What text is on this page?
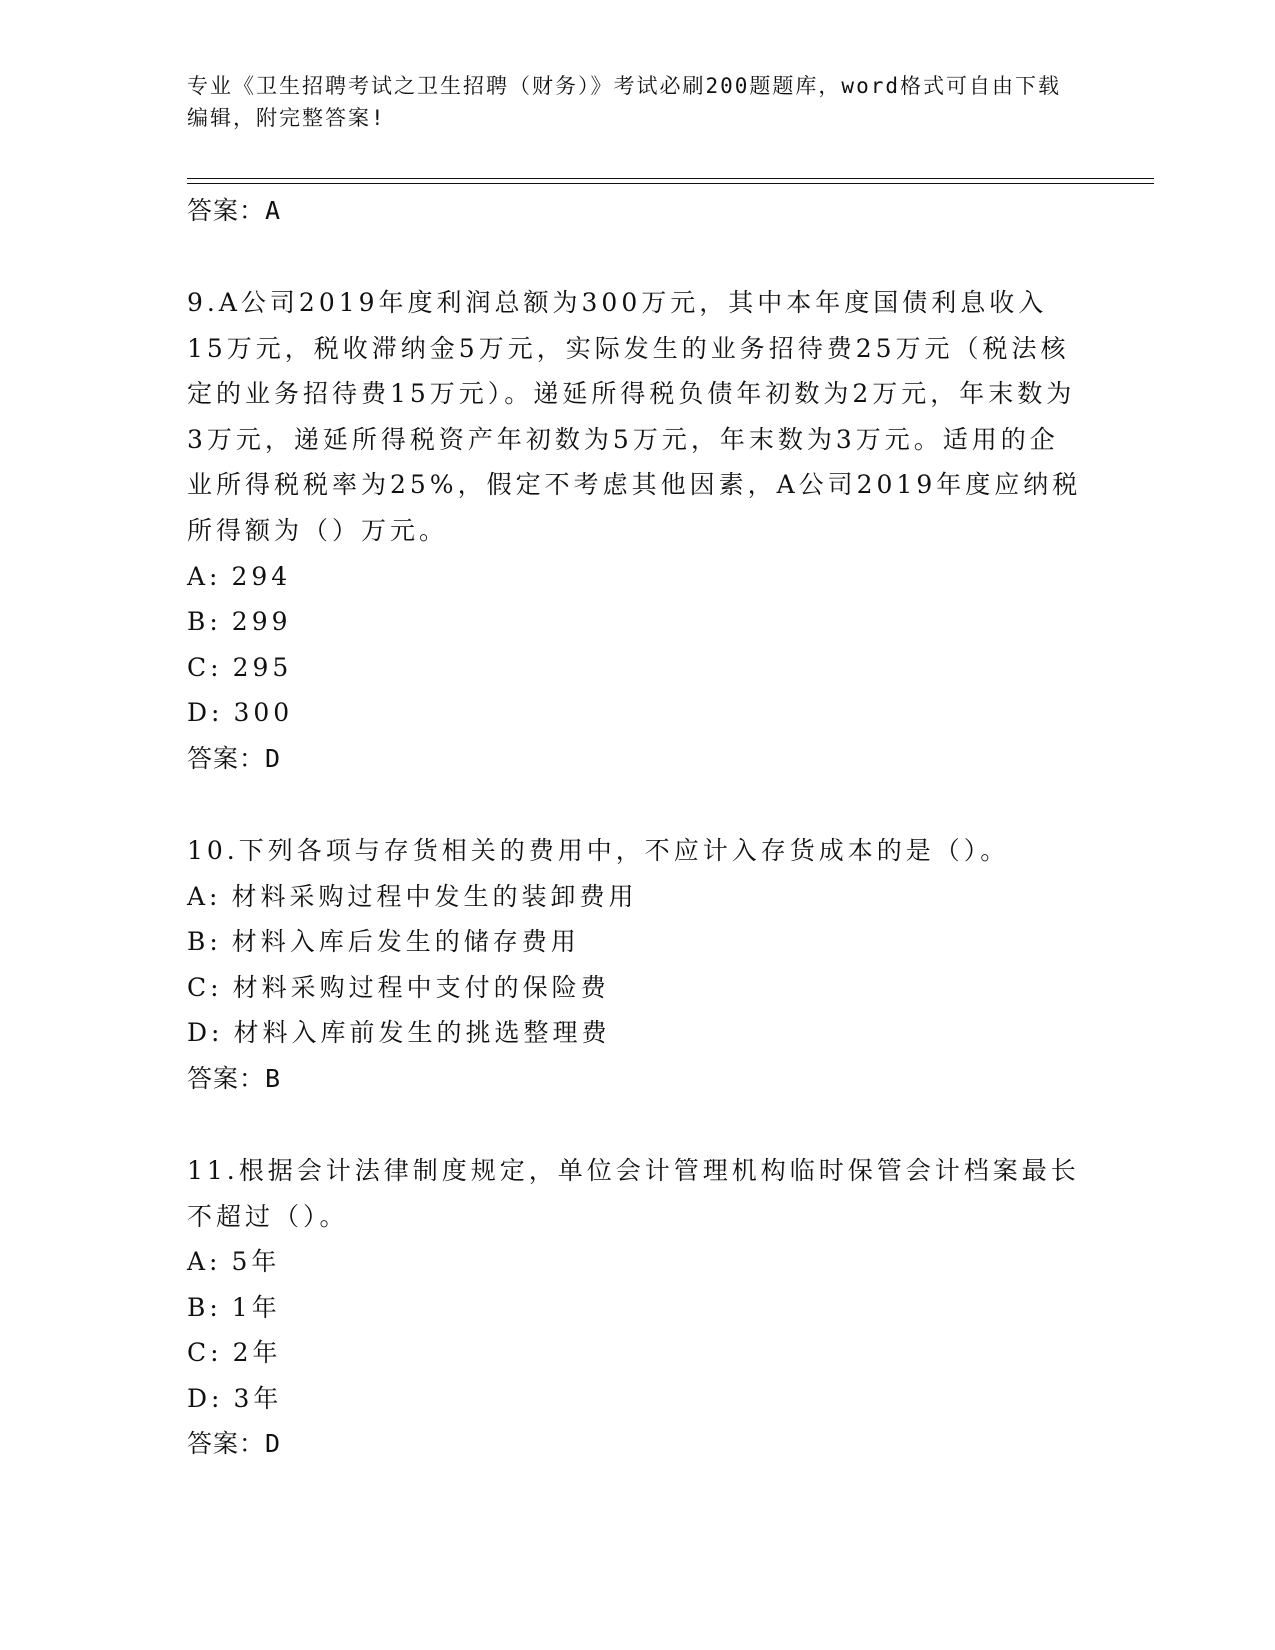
专业《卫生招聘考试之卫生招聘（财务）》考试必刷200题题库，word格式可自由下载编辑，附完整答案!
答案：A

9.A公司2019年度利润总额为300万元，其中本年度国债利息收入15万元，税收滞纳金5万元，实际发生的业务招待费25万元（税法核定的业务招待费15万元）。递延所得税负债年初数为2万元，年末数为3万元，递延所得税资产年初数为5万元，年末数为3万元。适用的企业所得税税率为25%，假定不考虑其他因素，A公司2019年度应纳税所得额为（）万元。

A: 294
B: 299
C: 295
D: 300
答案：D

10.下列各项与存货相关的费用中，不应计入存货成本的是（）。

A: 材料采购过程中发生的装卸费用
B: 材料入库后发生的储存费用
C: 材料采购过程中支付的保险费
D: 材料入库前发生的挑选整理费
答案：B

11.根据会计法律制度规定，单位会计管理机构临时保管会计档案最长不超过（）。

A: 5年
B: 1年
C: 2年
D: 3年
答案：D
